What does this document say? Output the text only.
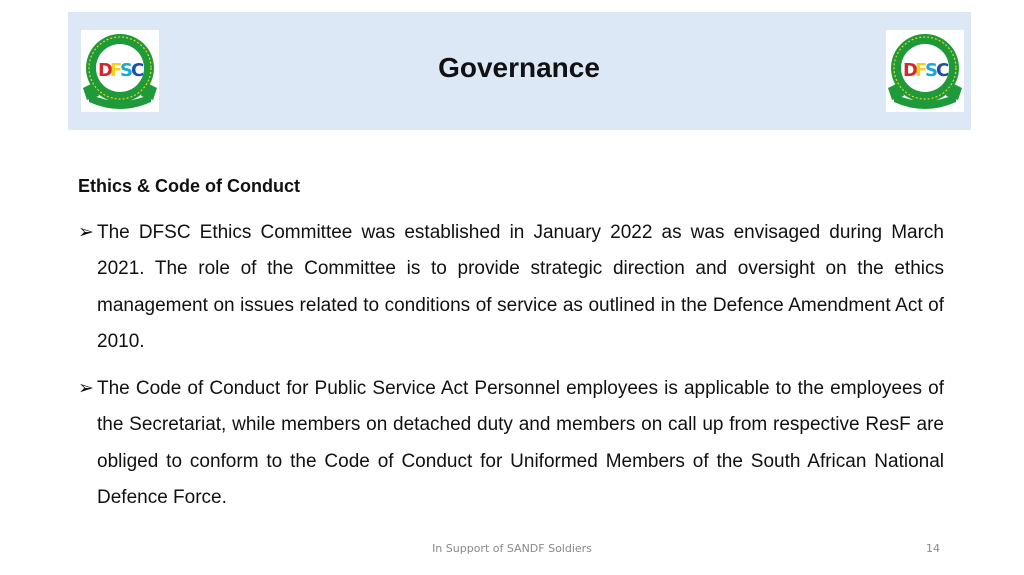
D
F
S
C	D
F
S
C
Governance
Ethics & Code of Conduct
➢ The DFSC Ethics Committee was established in January 2022 as was envisaged during March 2021. The role of the Committee is to provide strategic direction and oversight on the ethics management on issues related to conditions of service as outlined in the Defence Amendment Act of 2010.
➢ The Code of Conduct for Public Service Act Personnel employees is applicable to the employees of the Secretariat, while members on detached duty and members on call up from respective ResF are obliged to conform to the Code of Conduct for Uniformed Members of the South African National Defence Force.
In Support of SANDF Soldiers	14
